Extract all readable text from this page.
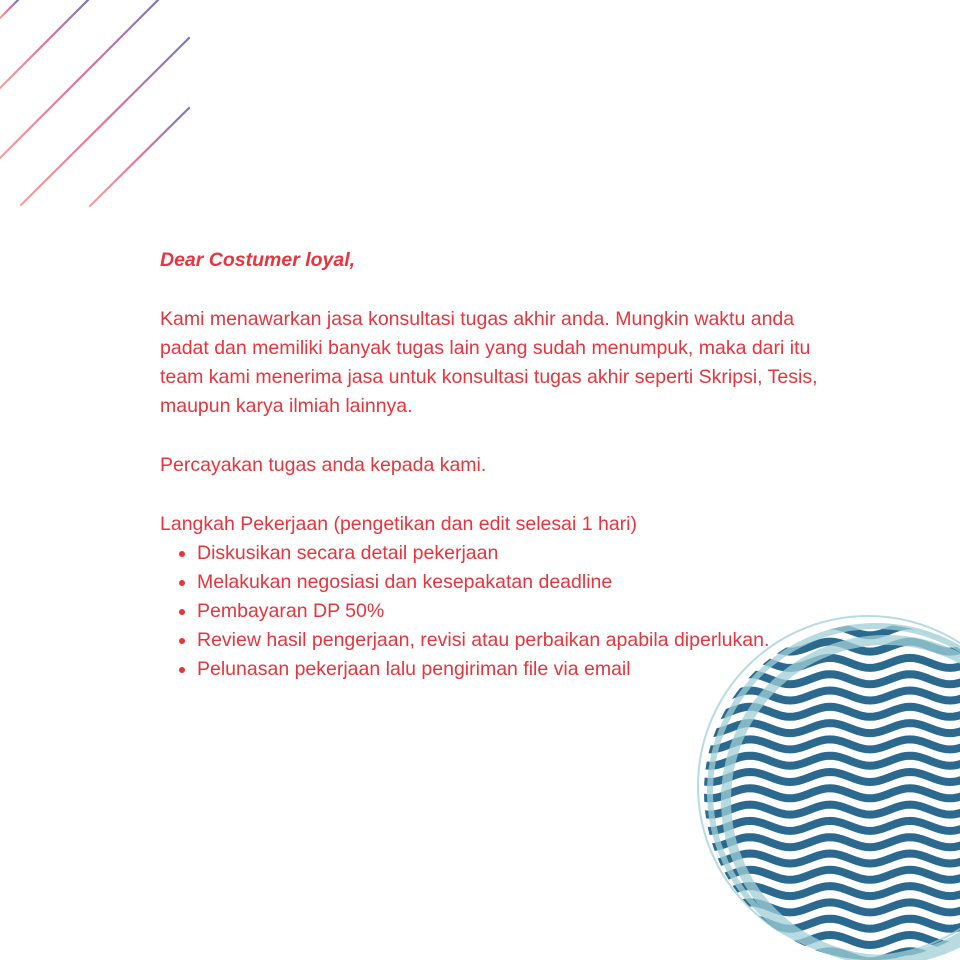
Dear Costumer loyal,

Kami menawarkan jasa konsultasi tugas akhir anda. Mungkin waktu anda padat dan memiliki banyak tugas lain yang sudah menumpuk, maka dari itu team kami menerima jasa untuk konsultasi tugas akhir seperti Skripsi, Tesis, maupun karya ilmiah lainnya.

Percayakan tugas anda kepada kami.

Langkah Pekerjaan (pengetikan dan edit selesai 1 hari)
• Diskusikan secara detail pekerjaan
• Melakukan negosiasi dan kesepakatan deadline
• Pembayaran DP 50%
• Review hasil pengerjaan, revisi atau perbaikan apabila diperlukan.
• Pelunasan pekerjaan lalu pengiriman file via email
